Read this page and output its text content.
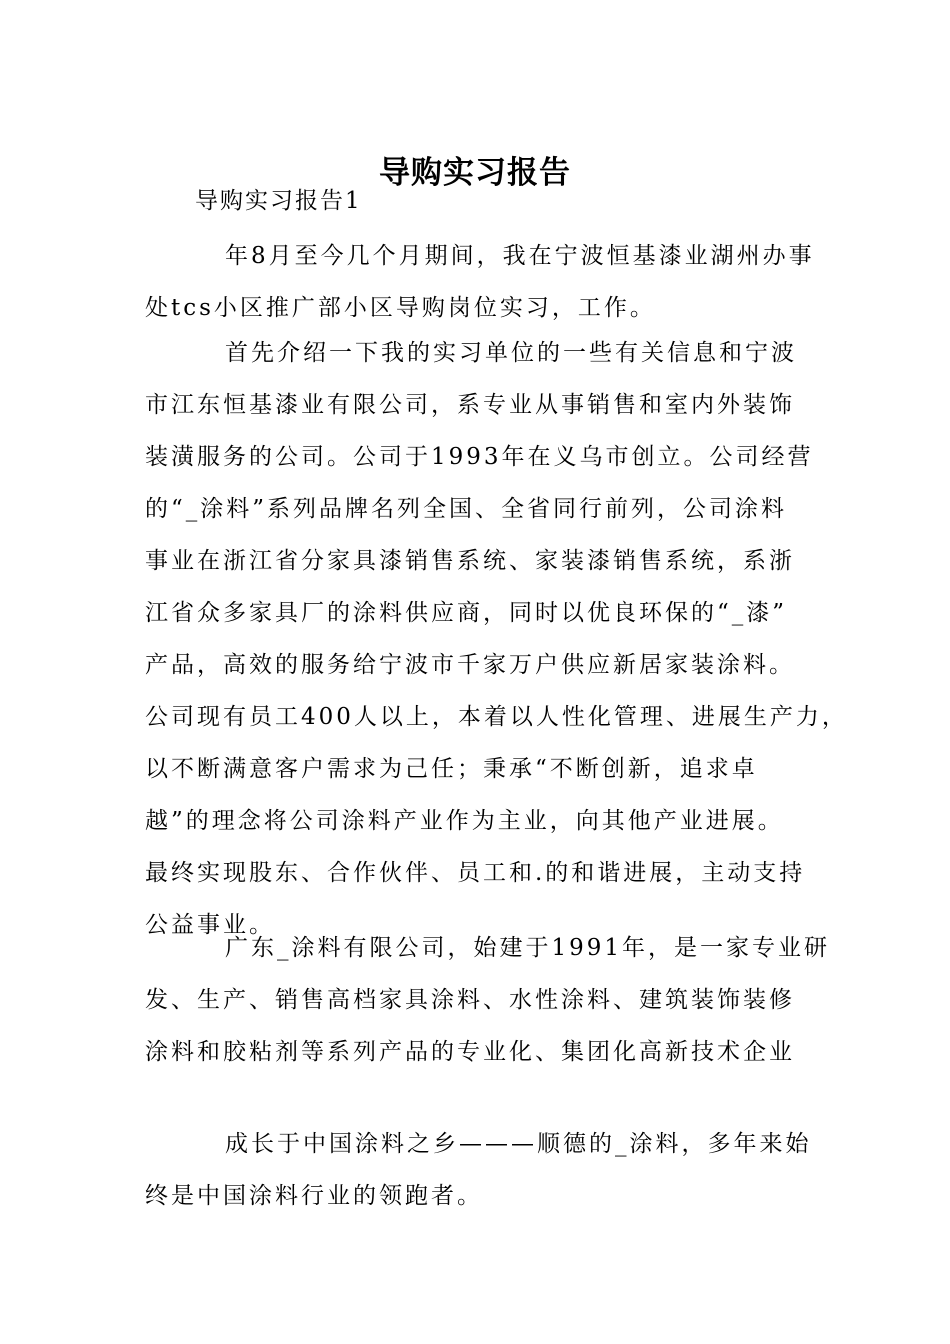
导购实习报告
导购实习报告1
年8月至今几个月期间，我在宁波恒基漆业湖州办事
处tcs小区推广部小区导购岗位实习，工作。
首先介绍一下我的实习单位的一些有关信息和宁波
市江东恒基漆业有限公司，系专业从事销售和室内外装饰
装潢服务的公司。公司于1993年在义乌市创立。公司经营
的“_涂料”系列品牌名列全国、全省同行前列，公司涂料
事业在浙江省分家具漆销售系统、家装漆销售系统，系浙
江省众多家具厂的涂料供应商，同时以优良环保的“_漆”
产品，高效的服务给宁波市千家万户供应新居家装涂料。
公司现有员工400人以上，本着以人性化管理、进展生产力，
以不断满意客户需求为己任；秉承“不断创新，追求卓
越”的理念将公司涂料产业作为主业，向其他产业进展。
最终实现股东、合作伙伴、员工和.的和谐进展，主动支持
公益事业。
广东_涂料有限公司，始建于1991年，是一家专业研
发、生产、销售高档家具涂料、水性涂料、建筑装饰装修
涂料和胶粘剂等系列产品的专业化、集团化高新技术企业
成长于中国涂料之乡———顺德的_涂料，多年来始
终是中国涂料行业的领跑者。
